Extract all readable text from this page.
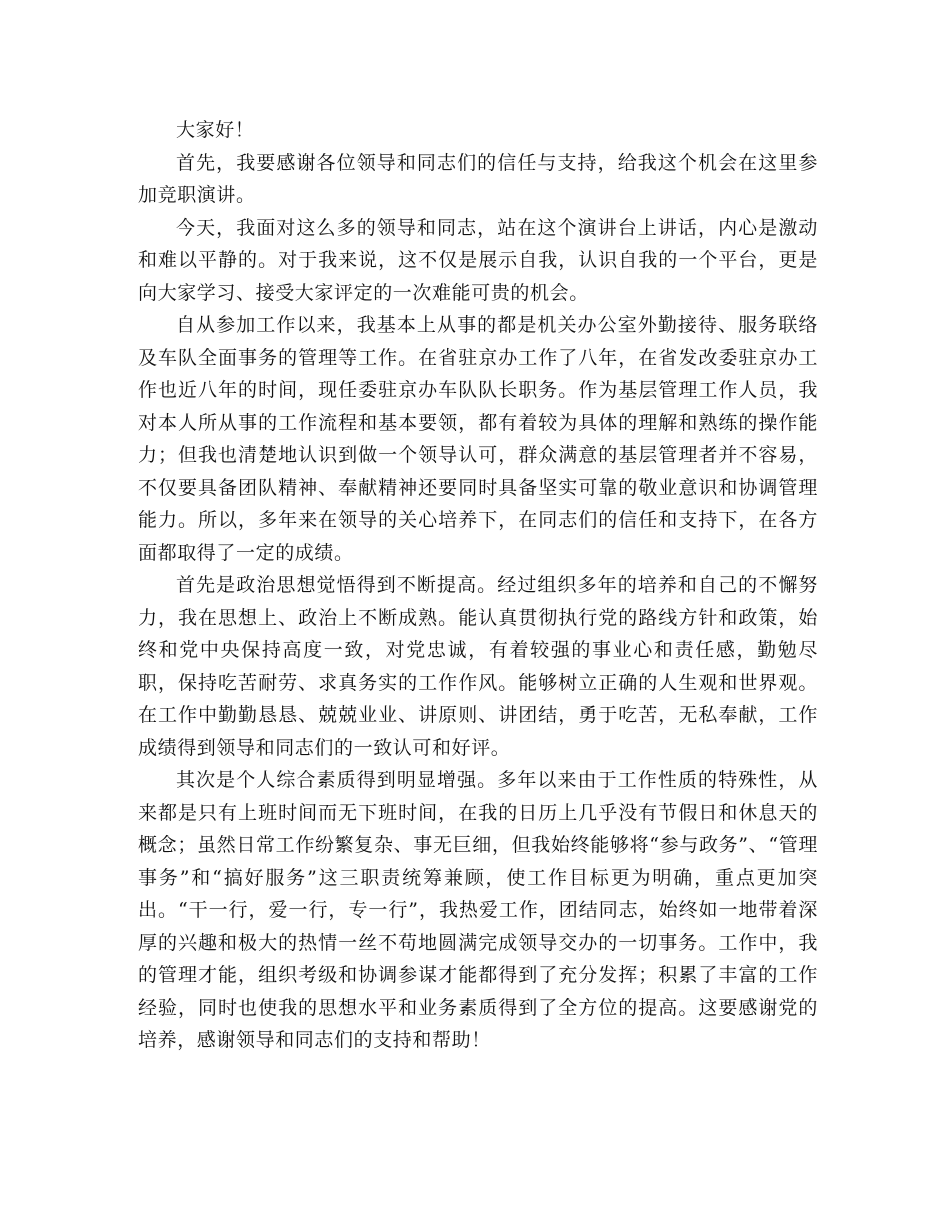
大家好！

首先，我要感谢各位领导和同志们的信任与支持，给我这个机会在这里参加竞职演讲。

今天，我面对这么多的领导和同志，站在这个演讲台上讲话，内心是激动和难以平静的。对于我来说，这不仅是展示自我，认识自我的一个平台，更是向大家学习、接受大家评定的一次难能可贵的机会。

自从参加工作以来，我基本上从事的都是机关办公室外勤接待、服务联络及车队全面事务的管理等工作。在省驻京办工作了八年，在省发改委驻京办工作也近八年的时间，现任委驻京办车队队长职务。作为基层管理工作人员，我对本人所从事的工作流程和基本要领，都有着较为具体的理解和熟练的操作能力；但我也清楚地认识到做一个领导认可，群众满意的基层管理者并不容易，不仅要具备团队精神、奉献精神还要同时具备坚实可靠的敬业意识和协调管理能力。所以，多年来在领导的关心培养下，在同志们的信任和支持下，在各方面都取得了一定的成绩。

首先是政治思想觉悟得到不断提高。经过组织多年的培养和自己的不懈努力，我在思想上、政治上不断成熟。能认真贯彻执行党的路线方针和政策，始终和党中央保持高度一致，对党忠诚，有着较强的事业心和责任感，勤勉尽职，保持吃苦耐劳、求真务实的工作作风。能够树立正确的人生观和世界观。在工作中勤勤恳恳、兢兢业业、讲原则、讲团结，勇于吃苦，无私奉献，工作成绩得到领导和同志们的一致认可和好评。

其次是个人综合素质得到明显增强。多年以来由于工作性质的特殊性，从来都是只有上班时间而无下班时间，在我的日历上几乎没有节假日和休息天的概念；虽然日常工作纷繁复杂、事无巨细，但我始终能够将“参与政务”、“管理事务”和“搞好服务”这三职责统筹兼顾，使工作目标更为明确，重点更加突出。“干一行，爱一行，专一行”，我热爱工作，团结同志，始终如一地带着深厚的兴趣和极大的热情一丝不苟地圆满完成领导交办的一切事务。工作中，我的管理才能，组织考级和协调参谋才能都得到了充分发挥；积累了丰富的工作经验，同时也使我的思想水平和业务素质得到了全方位的提高。这要感谢党的培养，感谢领导和同志们的支持和帮助！
